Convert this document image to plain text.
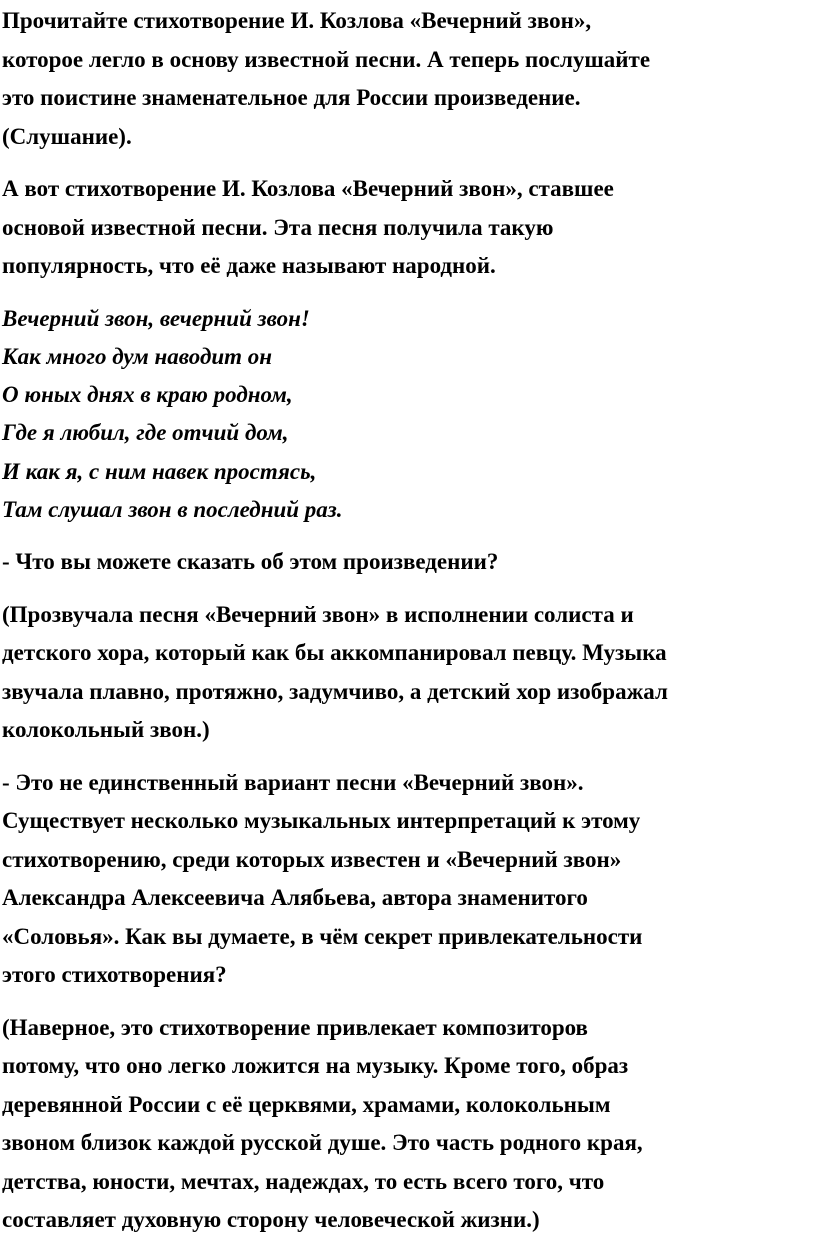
Прочитайте стихотворение И. Козлова «Вечерний звон»,
которое легло в основу известной песни. А теперь послушайте
это поистине знаменательное для России произведение.
(Слушание).
А вот стихотворение И. Козлова «Вечерний звон», ставшее
основой известной песни. Эта песня получила такую
популярность, что её даже называют народной.
Вечерний звон, вечерний звон!
Как много дум наводит он
О юных днях в краю родном,
Где я любил, где отчий дом,
И как я, с ним навек простясь,
Там слушал звон в последний раз.
- Что вы можете сказать об этом произведении?
(Прозвучала песня «Вечерний звон» в исполнении солиста и
детского хора, который как бы аккомпанировал певцу. Музыка
звучала плавно, протяжно, задумчиво, а детский хор изображал
колокольный звон.)
- Это не единственный вариант песни «Вечерний звон».
Существует несколько музыкальных интерпретаций к этому
стихотворению, среди которых известен и «Вечерний звон»
Александра Алексеевича Алябьева, автора знаменитого
«Соловья». Как вы думаете, в чём секрет привлекательности
этого стихотворения?
(Наверное, это стихотворение привлекает композиторов
потому, что оно легко ложится на музыку. Кроме того, образ
деревянной России с её церквями, храмами, колокольным
звоном близок каждой русской душе. Это часть родного края,
детства, юности, мечтах, надеждах, то есть всего того, что
составляет духовную сторону человеческой жизни.)
